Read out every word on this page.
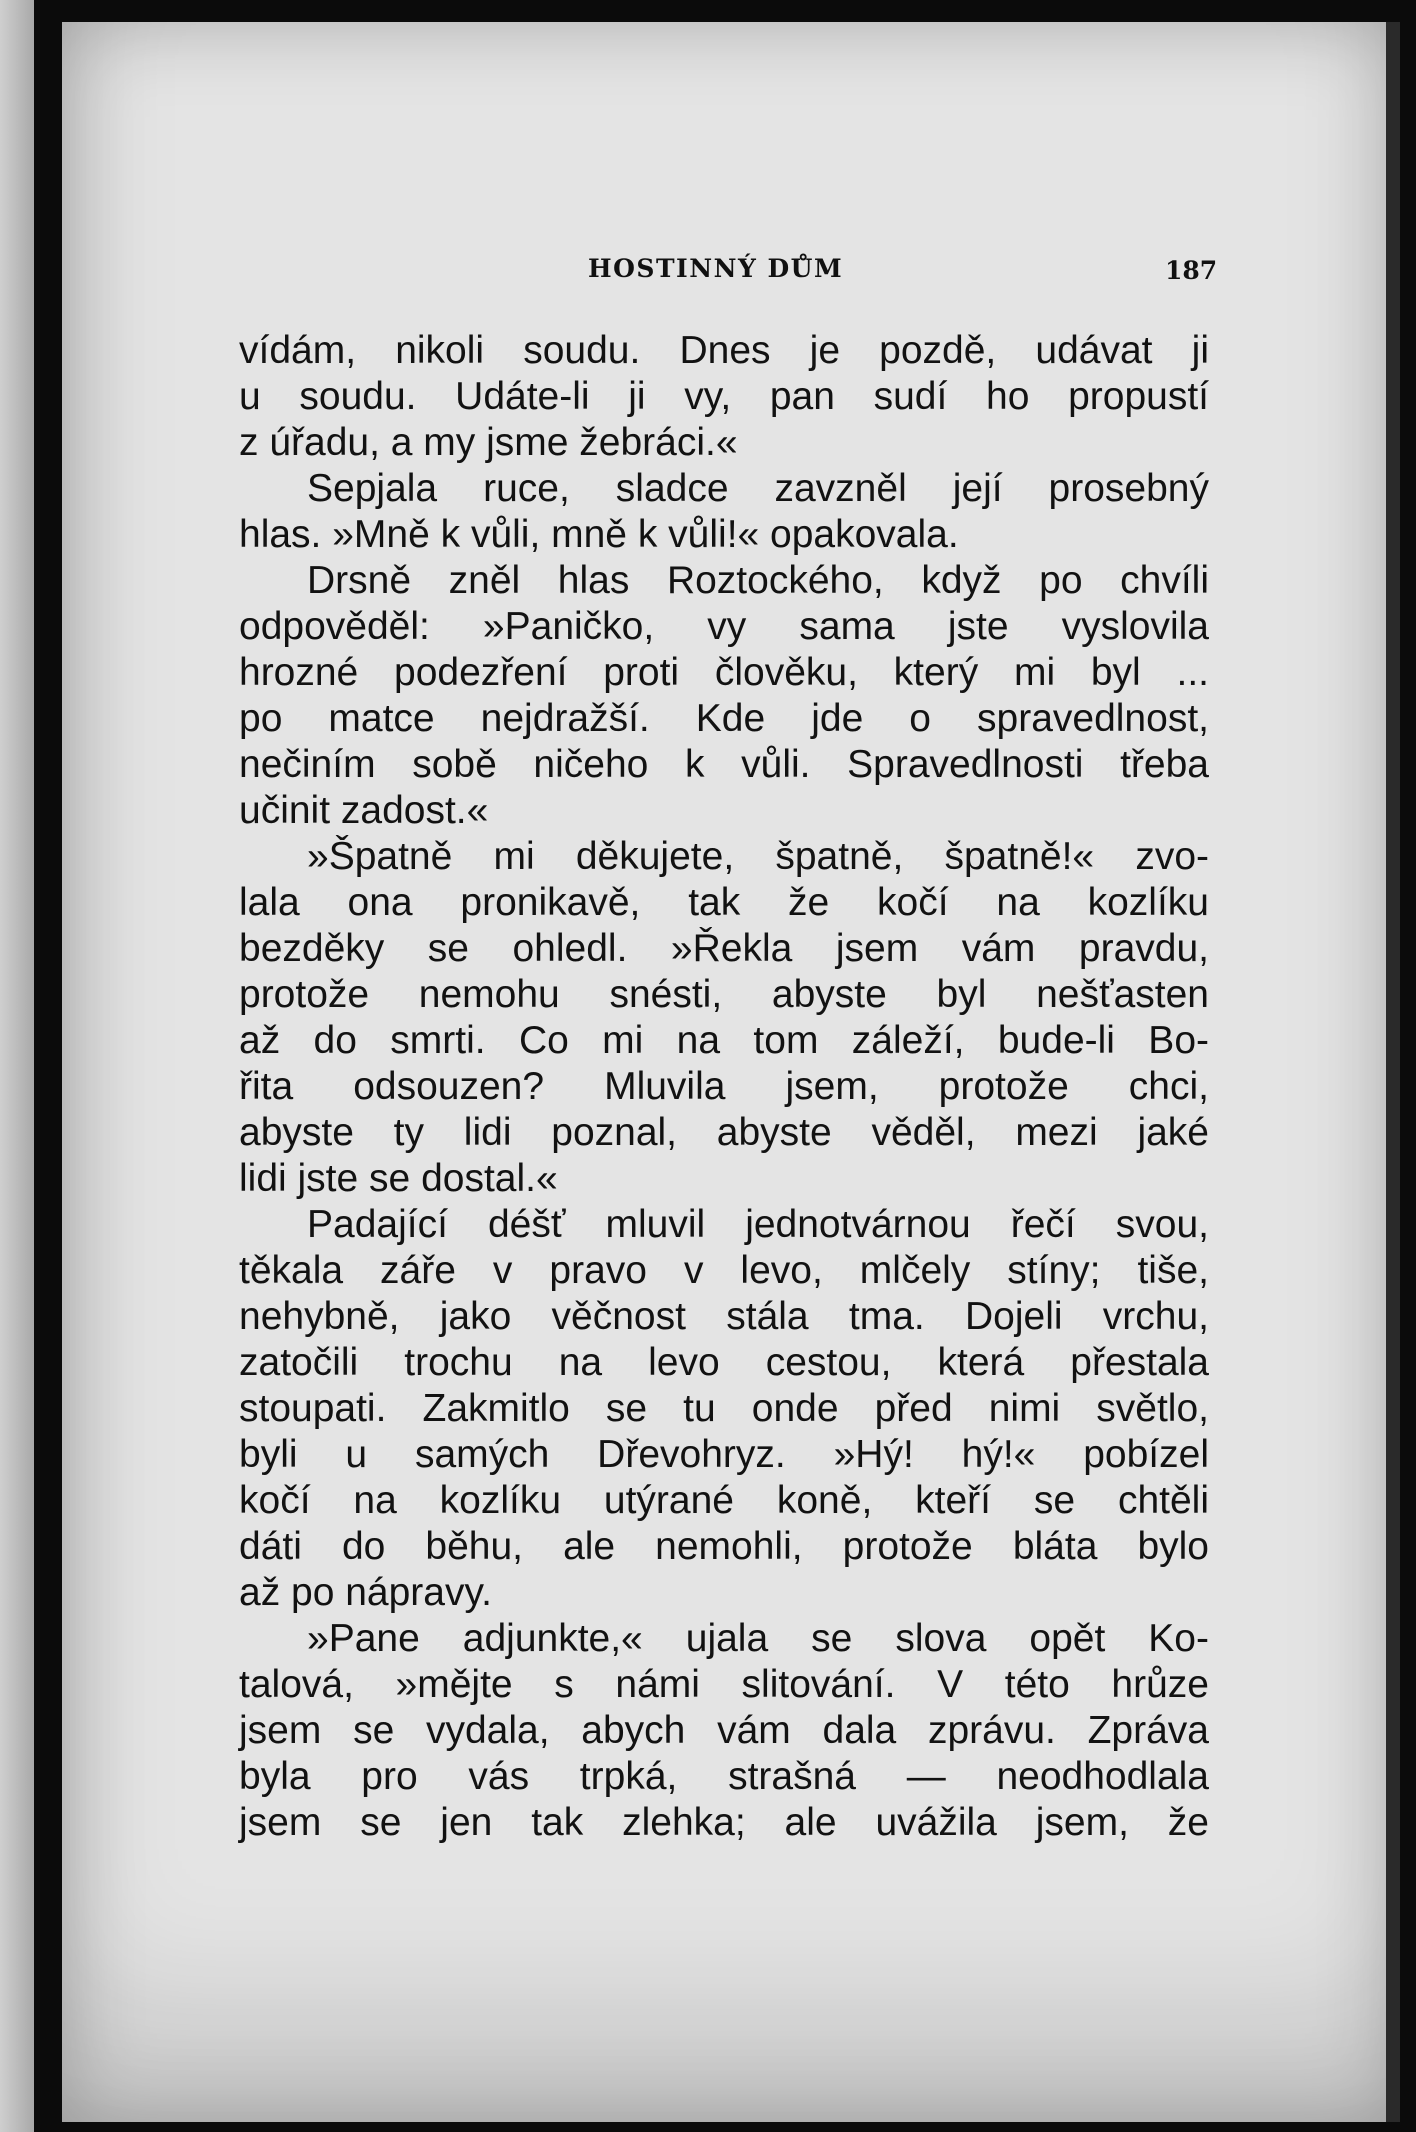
HOSTINNÝ DŮM	187
vídám, nikoli soudu. Dnes je pozdě, udávat ji
u soudu. Udáte-li ji vy, pan sudí ho propustí
z úřadu, a my jsme žebráci.«
Sepjala ruce, sladce zavzněl její prosebný
hlas. »Mně k vůli, mně k vůli!« opakovala.
Drsně zněl hlas Roztockého, když po chvíli
odpověděl: »Paničko, vy sama jste vyslovila
hrozné podezření proti člověku, který mi byl ...
po matce nejdražší. Kde jde o spravedlnost,
nečiním sobě ničeho k vůli. Spravedlnosti třeba
učinit zadost.«
»Špatně mi děkujete, špatně, špatně!« zvo-
lala ona pronikavě, tak že kočí na kozlíku
bezděky se ohledl. »Řekla jsem vám pravdu,
protože nemohu snésti, abyste byl nešťasten
až do smrti. Co mi na tom záleží, bude-li Bo-
řita odsouzen? Mluvila jsem, protože chci,
abyste ty lidi poznal, abyste věděl, mezi jaké
lidi jste se dostal.«
Padající déšť mluvil jednotvárnou řečí svou,
těkala záře v pravo v levo, mlčely stíny; tiše,
nehybně, jako věčnost stála tma. Dojeli vrchu,
zatočili trochu na levo cestou, která přestala
stoupati. Zakmitlo se tu onde před nimi světlo,
byli u samých Dřevohryz. »Hý! hý!« pobízel
kočí na kozlíku utýrané koně, kteří se chtěli
dáti do běhu, ale nemohli, protože bláta bylo
až po nápravy.
»Pane adjunkte,« ujala se slova opět Ko-
talová, »mějte s námi slitování. V této hrůze
jsem se vydala, abych vám dala zprávu. Zpráva
byla pro vás trpká, strašná — neodhodlala
jsem se jen tak zlehka; ale uvážila jsem, že
